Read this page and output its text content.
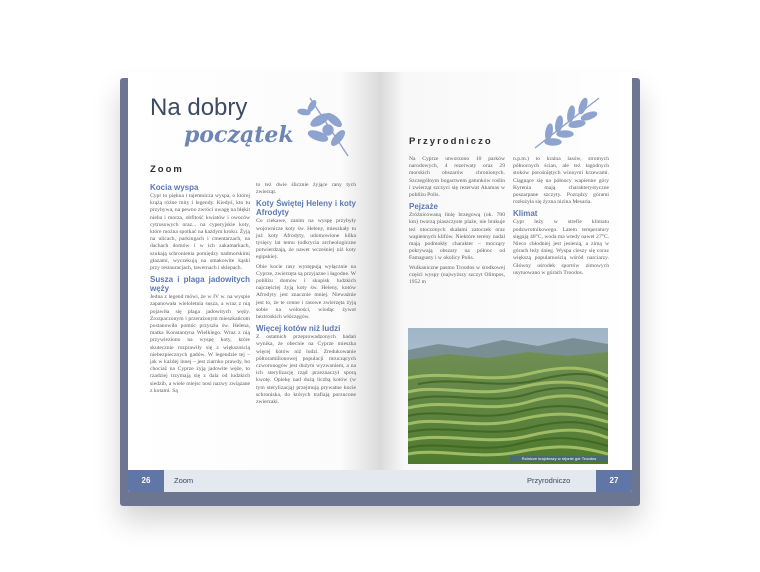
Na dobry
początek
Zoom
Kocia wyspa

Cypr to piękna i tajemnicza wyspa, o której krążą różne mity i legendy. Kiedyś, kto tu przybywa, na pewno zwróci uwagę na błękit nieba i morza, obfitość kwiatów i owoców cytrusowych oraz... na cyperyjskie koty, które można spotkać na każdym kroku. Żyją na ulicach, parkingach i cmentarzach, na dachach domów i w ich zakamarkach, szukają schronienia pomiędzy nadmorskimi głazami, wyczekują na smakowite kąski przy restauracjach, tawernach i sklepach.

Susza i plaga jadowitych węży

Jedna z legend mówi, że w IV w. na wyspie zapanowała wieloletnia susza, a wraz z nią pojawiła się plaga jadowitych węży. Zrozpaczonym i przerażonym mieszkańcom postanowiła pomóc przyszła św. Helena, matka Konstantyna Wielkiego. Wraz z nią przywieziono na wyspę koty, które skutecznie rozprawiły się z większością niebezpiecznych gadów. W legendzie tej – jak w każdej innej – jest ziarnko prawdy, bo chociaż na Cyprze żyją jadowite węże, to rzadziej trzymają się z dala od ludzkich siedzib, a wiele miejsc nosi nazwy związane z kotami. Są

to też dwie ślicznie żyjące rany tych zwierząt.

Koty Świętej Heleny i koty Afrodyty

Co ciekawe, zanim na wyspę przybyły wojownicze koty św. Heleny, mieszkały tu już koty Afrodyty, udomowione kilka tysięcy lat temu (odkrycia archeologiczne potwierdzają, że nawet wcześniej niż koty egipskie).

Obie kocie rasy występują wyłącznie na Cyprze, zwierzęta są przyjazne i łagodne. W pobliżu domów i skupisk ludzkich najczęściej żyją koty św. Heleny, kotów Afrodyty jest znacznie mniej. Nieważnie jest to, że te cenne i rasowe zwierzęta żyją sobie na wolności, wiodąc żywot beztroskich włóczęgów.

Więcej kotów niż ludzi

Z ostatnich przeprowadzonych badań wynika, że obecnie na Cyprze mieszka więcej kotów niż ludzi. Zredukowanie półtoramilionowej populacji mruczących czworonogów jest dużym wyzwaniem, a na ich sterylizację rząd przeznaczył sporą kwotę. Opiekę nad dużą liczbą kotów (w tym sterylizacją) przejmują prywatne kocie schroniska, do których trafiają porzucone zwierzaki.

26	Zoom
Przyrodniczo

Na Cyprze utworzono 10 parków narodowych, 4 rezerwaty oraz 29 morskich obszarów chronionych. Szczególnym bogactwem gatunków roślin i zwierząt szczyci się rezerwat Akamas w pobliżu Polis.

Pejzaże

Zróżnicowaną linię brzegową (ok. 700 km) tworzą piaszczyste plaże, nie brakuje też otoczonych skałami zatoczek oraz wapiennych klifów. Niektóre tereny nadal mają podmokły charakter – mocząry pokrywają obszary na północ od Famagusty i w okolicy Polis.

Wulkaniczne pasmo Troodos w środkowej części wyspy (najwyższy szczyt Olimpos, 1952 m

n.p.m.) to kraina lasów, stromych północnych ścian, ale też łagodnych stoków porośniętych winnymi krzewami. Ciągnące się na północy wapienne góry Kyrenia mają charakterystyczne poszarpane szczyty. Pozrądzy górami rozłożyła się żyzna nizina Mesaria.

Klimat

Cypr leży w strefie klimatu podzwrotnikowego. Latem temperatury sięgają 40°C, woda ma wtedy nawet 27°C. Nieco chłodniej jest jesienią, a zimą w górach leży śnieg. Wyspa cieszy się coraz większą popularnością wśród narciarzy. Główny ośrodek sportów zimowych usytuowano w górach Troodos.

Rolnicze krajobrazy w rejonie gór Troodos
Przyrodniczo	27
